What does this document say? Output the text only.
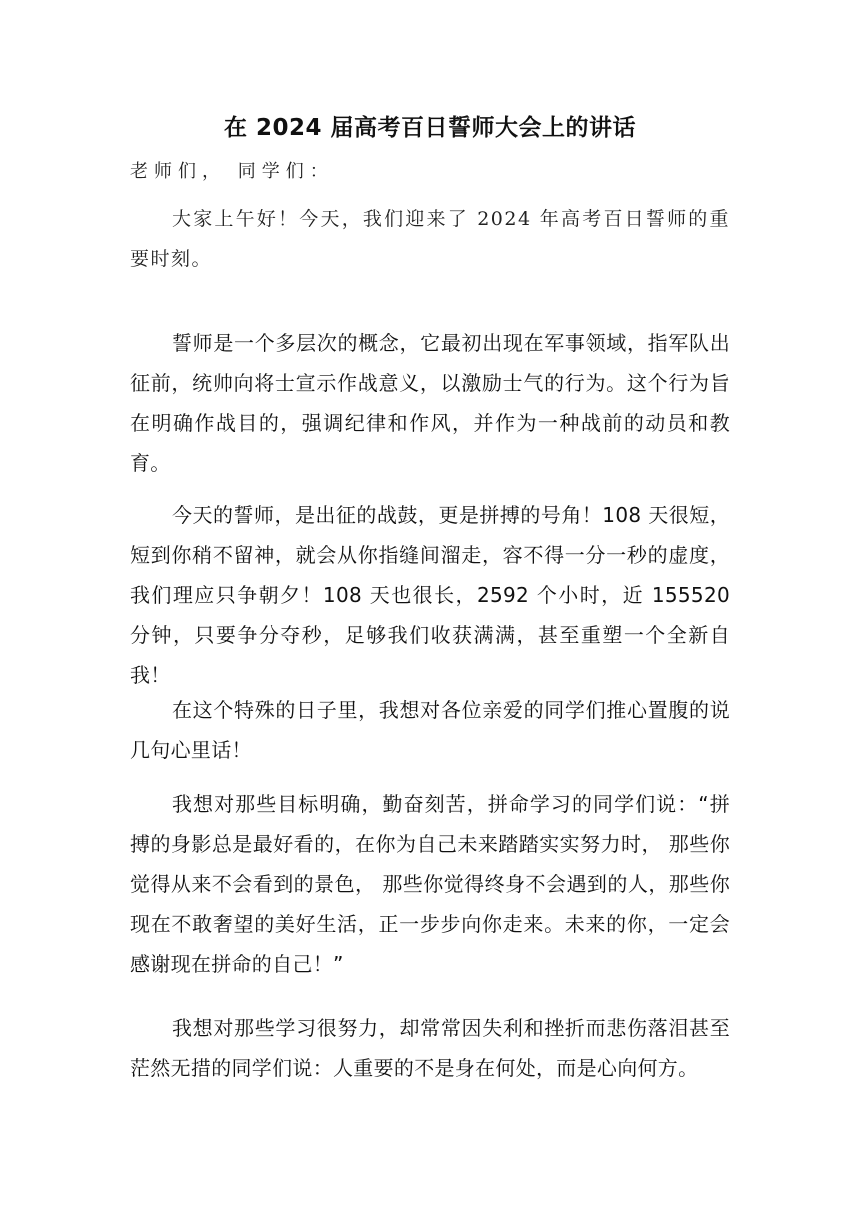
在 2024 届高考百日誓师大会上的讲话
老师们， 同学们：

大家上午好！今天，我们迎来了 2024 年高考百日誓师的重要时刻。

誓师是一个多层次的概念，它最初出现在军事领域，指军队出征前，统帅向将士宣示作战意义，以激励士气的行为。这个行为旨在明确作战目的，强调纪律和作风，并作为一种战前的动员和教育。

今天的誓师，是出征的战鼓，更是拼搏的号角！108 天很短，短到你稍不留神，就会从你指缝间溜走，容不得一分一秒的虚度，我们理应只争朝夕！108 天也很长，2592 个小时，近 155520 分钟，只要争分夺秒，足够我们收获满满，甚至重塑一个全新自我！

在这个特殊的日子里，我想对各位亲爱的同学们推心置腹的说几句心里话！

我想对那些目标明确，勤奋刻苦，拼命学习的同学们说：“拼搏的身影总是最好看的，在你为自己未来踏踏实实努力时， 那些你觉得从来不会看到的景色， 那些你觉得终身不会遇到的人，那些你现在不敢奢望的美好生活，正一步步向你走来。未来的你，一定会感谢现在拼命的自己！”

我想对那些学习很努力，却常常因失利和挫折而悲伤落泪甚至茫然无措的同学们说：人重要的不是身在何处，而是心向何方。
